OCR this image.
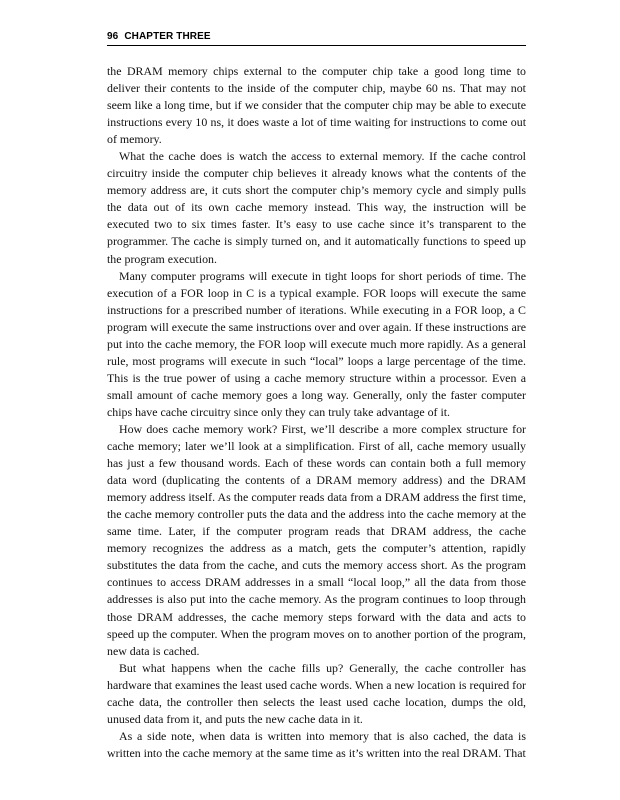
96 CHAPTER THREE

the DRAM memory chips external to the computer chip take a good long time to deliver their contents to the inside of the computer chip, maybe 60 ns. That may not seem like a long time, but if we consider that the computer chip may be able to execute instructions every 10 ns, it does waste a lot of time waiting for instructions to come out of memory.

What the cache does is watch the access to external memory. If the cache control circuitry inside the computer chip believes it already knows what the contents of the memory address are, it cuts short the computer chip’s memory cycle and simply pulls the data out of its own cache memory instead. This way, the instruction will be executed two to six times faster. It’s easy to use cache since it’s transparent to the programmer. The cache is simply turned on, and it automatically functions to speed up the program execution.

Many computer programs will execute in tight loops for short periods of time. The execution of a FOR loop in C is a typical example. FOR loops will execute the same instructions for a prescribed number of iterations. While executing in a FOR loop, a C program will execute the same instructions over and over again. If these instructions are put into the cache memory, the FOR loop will execute much more rapidly. As a general rule, most programs will execute in such “local” loops a large percentage of the time. This is the true power of using a cache memory structure within a processor. Even a small amount of cache memory goes a long way. Generally, only the faster computer chips have cache circuitry since only they can truly take advantage of it.

How does cache memory work? First, we’ll describe a more complex structure for cache memory; later we’ll look at a simplification. First of all, cache memory usually has just a few thousand words. Each of these words can contain both a full memory data word (duplicating the contents of a DRAM memory address) and the DRAM memory address itself. As the computer reads data from a DRAM address the first time, the cache memory controller puts the data and the address into the cache memory at the same time. Later, if the computer program reads that DRAM address, the cache memory recognizes the address as a match, gets the computer’s attention, rapidly substitutes the data from the cache, and cuts the memory access short. As the program continues to access DRAM addresses in a small “local loop,” all the data from those addresses is also put into the cache memory. As the program continues to loop through those DRAM addresses, the cache memory steps forward with the data and acts to speed up the computer. When the program moves on to another portion of the program, new data is cached.

But what happens when the cache fills up? Generally, the cache controller has hardware that examines the least used cache words. When a new location is required for cache data, the controller then selects the least used cache location, dumps the old, unused data from it, and puts the new cache data in it.

As a side note, when data is written into memory that is also cached, the data is written into the cache memory at the same time as it’s written into the real DRAM. That
